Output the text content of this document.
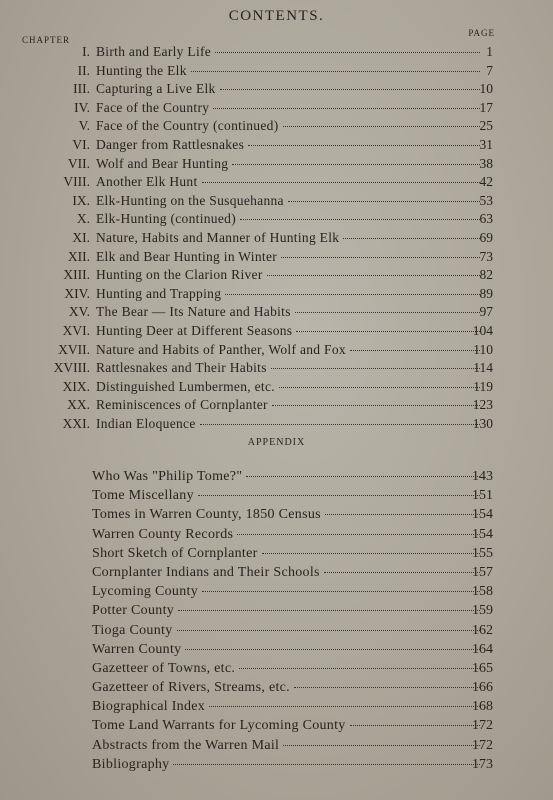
CONTENTS.
CHAPTER
PAGE
I. Birth and Early Life	1
II. Hunting the Elk	7
III. Capturing a Live Elk	10
IV. Face of the Country	17
V. Face of the Country (continued)	25
VI. Danger from Rattlesnakes	31
VII. Wolf and Bear Hunting	38
VIII. Another Elk Hunt	42
IX. Elk-Hunting on the Susquehanna	53
X. Elk-Hunting (continued)	63
XI. Nature, Habits and Manner of Hunting Elk	69
XII. Elk and Bear Hunting in Winter	73
XIII. Hunting on the Clarion River	82
XIV. Hunting and Trapping	89
XV. The Bear — Its Nature and Habits	97
XVI. Hunting Deer at Different Seasons	104
XVII. Nature and Habits of Panther, Wolf and Fox	110
XVIII. Rattlesnakes and Their Habits	114
XIX. Distinguished Lumbermen, etc.	119
XX. Reminiscences of Cornplanter	123
XXI. Indian Eloquence	130
APPENDIX
Who Was "Philip Tome?"	143
Tome Miscellany	151
Tomes in Warren County, 1850 Census	154
Warren County Records	154
Short Sketch of Cornplanter	155
Cornplanter Indians and Their Schools	157
Lycoming County	158
Potter County	159
Tioga County	162
Warren County	164
Gazetteer of Towns, etc.	165
Gazetteer of Rivers, Streams, etc.	166
Biographical Index	168
Tome Land Warrants for Lycoming County	172
Abstracts from the Warren Mail	172
Bibliography	173
